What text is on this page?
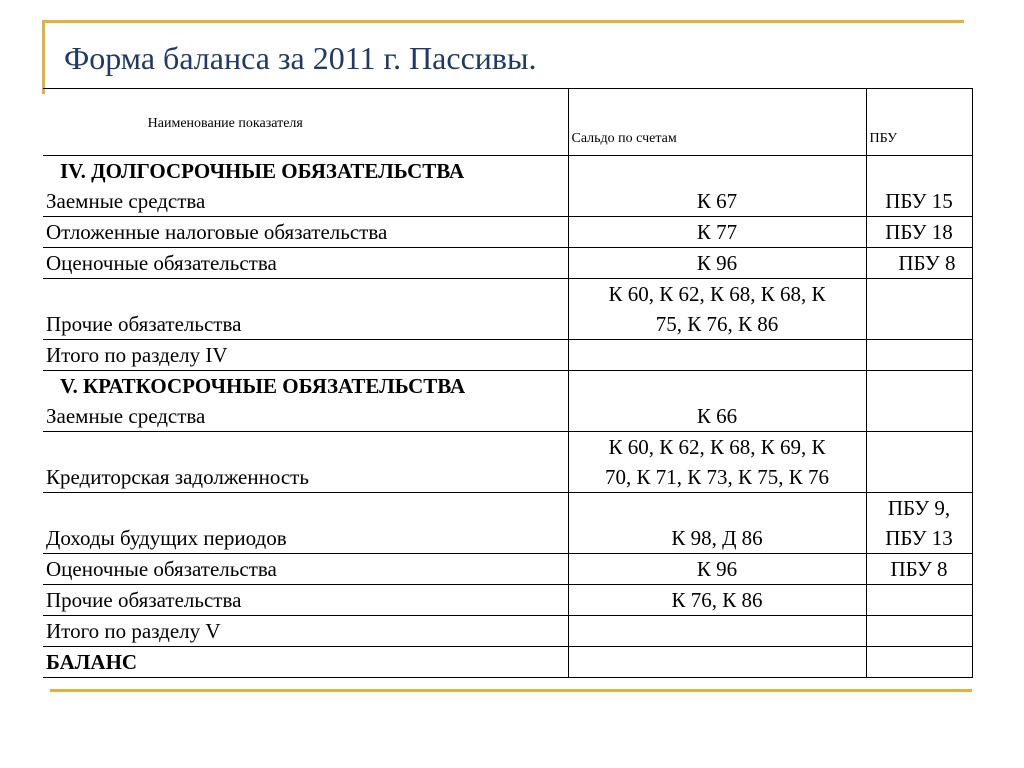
Форма баланса за 2011 г. Пассивы.
Наименование показателя	Сальдо по счетам	ПБУ

IV. ДОЛГОСРОЧНЫЕ ОБЯЗАТЕЛЬСТВА
Заемные средства	К 67	ПБУ 15
Отложенные налоговые обязательства	К 77	ПБУ 18
Оценочные обязательства	К 96	ПБУ 8
Прочие обязательства	К 60, К 62, К 68, К 68, К
75, К 76, К 86	
Итого по разделу IV		

V. КРАТКОСРОЧНЫЕ ОБЯЗАТЕЛЬСТВА
Заемные средства	К 66	
Кредиторская задолженность	К 60, К 62, К 68, К 69, К
70, К 71, К 73, К 75, К 76	
Доходы будущих периодов	К 98, Д 86	ПБУ 9,
ПБУ 13
Оценочные обязательства	К 96	ПБУ 8
Прочие обязательства	К 76, К 86	
Итого по разделу V		
БАЛАНС		
